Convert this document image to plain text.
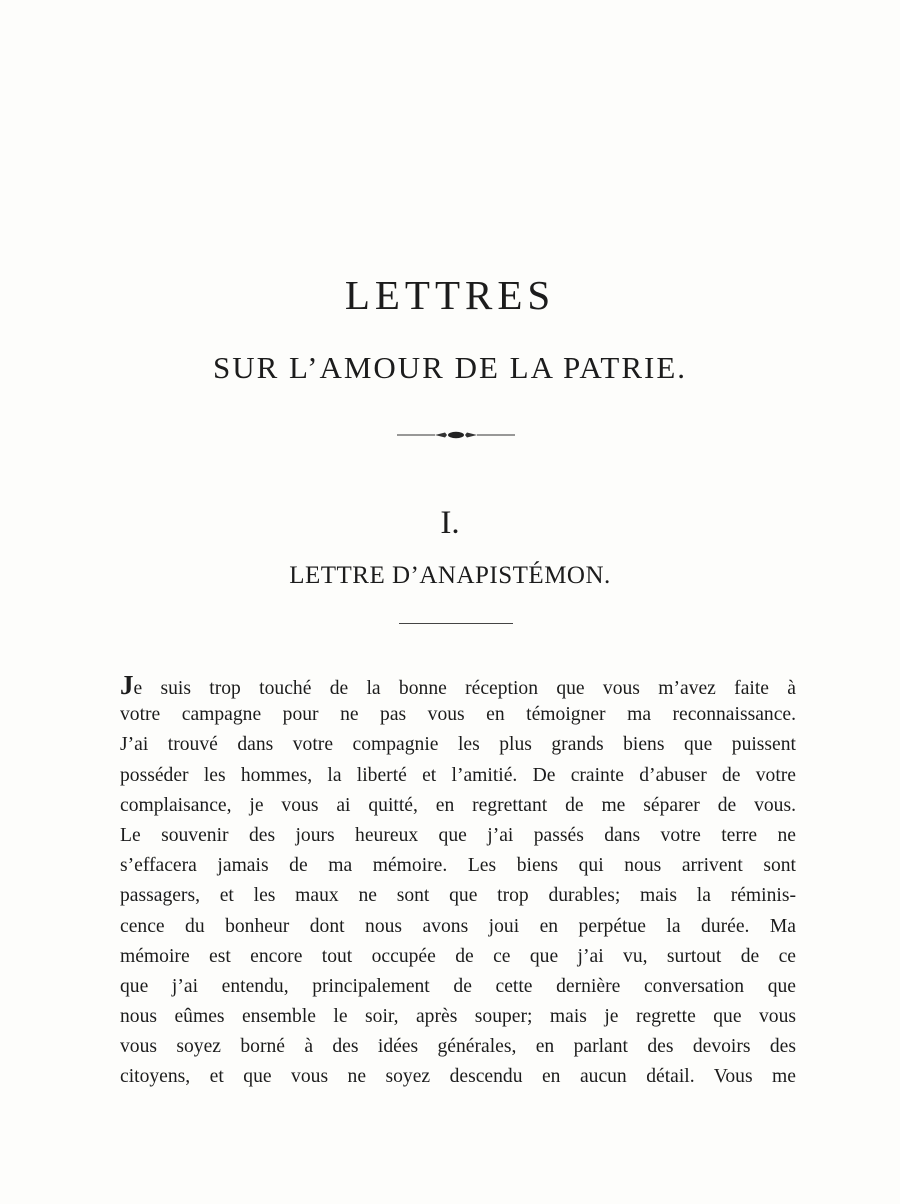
LETTRES
SUR L’AMOUR DE LA PATRIE.
I.
LETTRE D’ANAPISTÉMON.
Je suis trop touché de la bonne réception que vous m’avez faite à
votre campagne pour ne pas vous en témoigner ma reconnaissance.
J’ai trouvé dans votre compagnie les plus grands biens que puissent
posséder les hommes, la liberté et l’amitié. De crainte d’abuser de votre
complaisance, je vous ai quitté, en regrettant de me séparer de vous.
Le souvenir des jours heureux que j’ai passés dans votre terre ne
s’effacera jamais de ma mémoire. Les biens qui nous arrivent sont
passagers, et les maux ne sont que trop durables; mais la réminis-
cence du bonheur dont nous avons joui en perpétue la durée. Ma
mémoire est encore tout occupée de ce que j’ai vu, surtout de ce
que j’ai entendu, principalement de cette dernière conversation que
nous eûmes ensemble le soir, après souper; mais je regrette que vous
vous soyez borné à des idées générales, en parlant des devoirs des
citoyens, et que vous ne soyez descendu en aucun détail. Vous me
